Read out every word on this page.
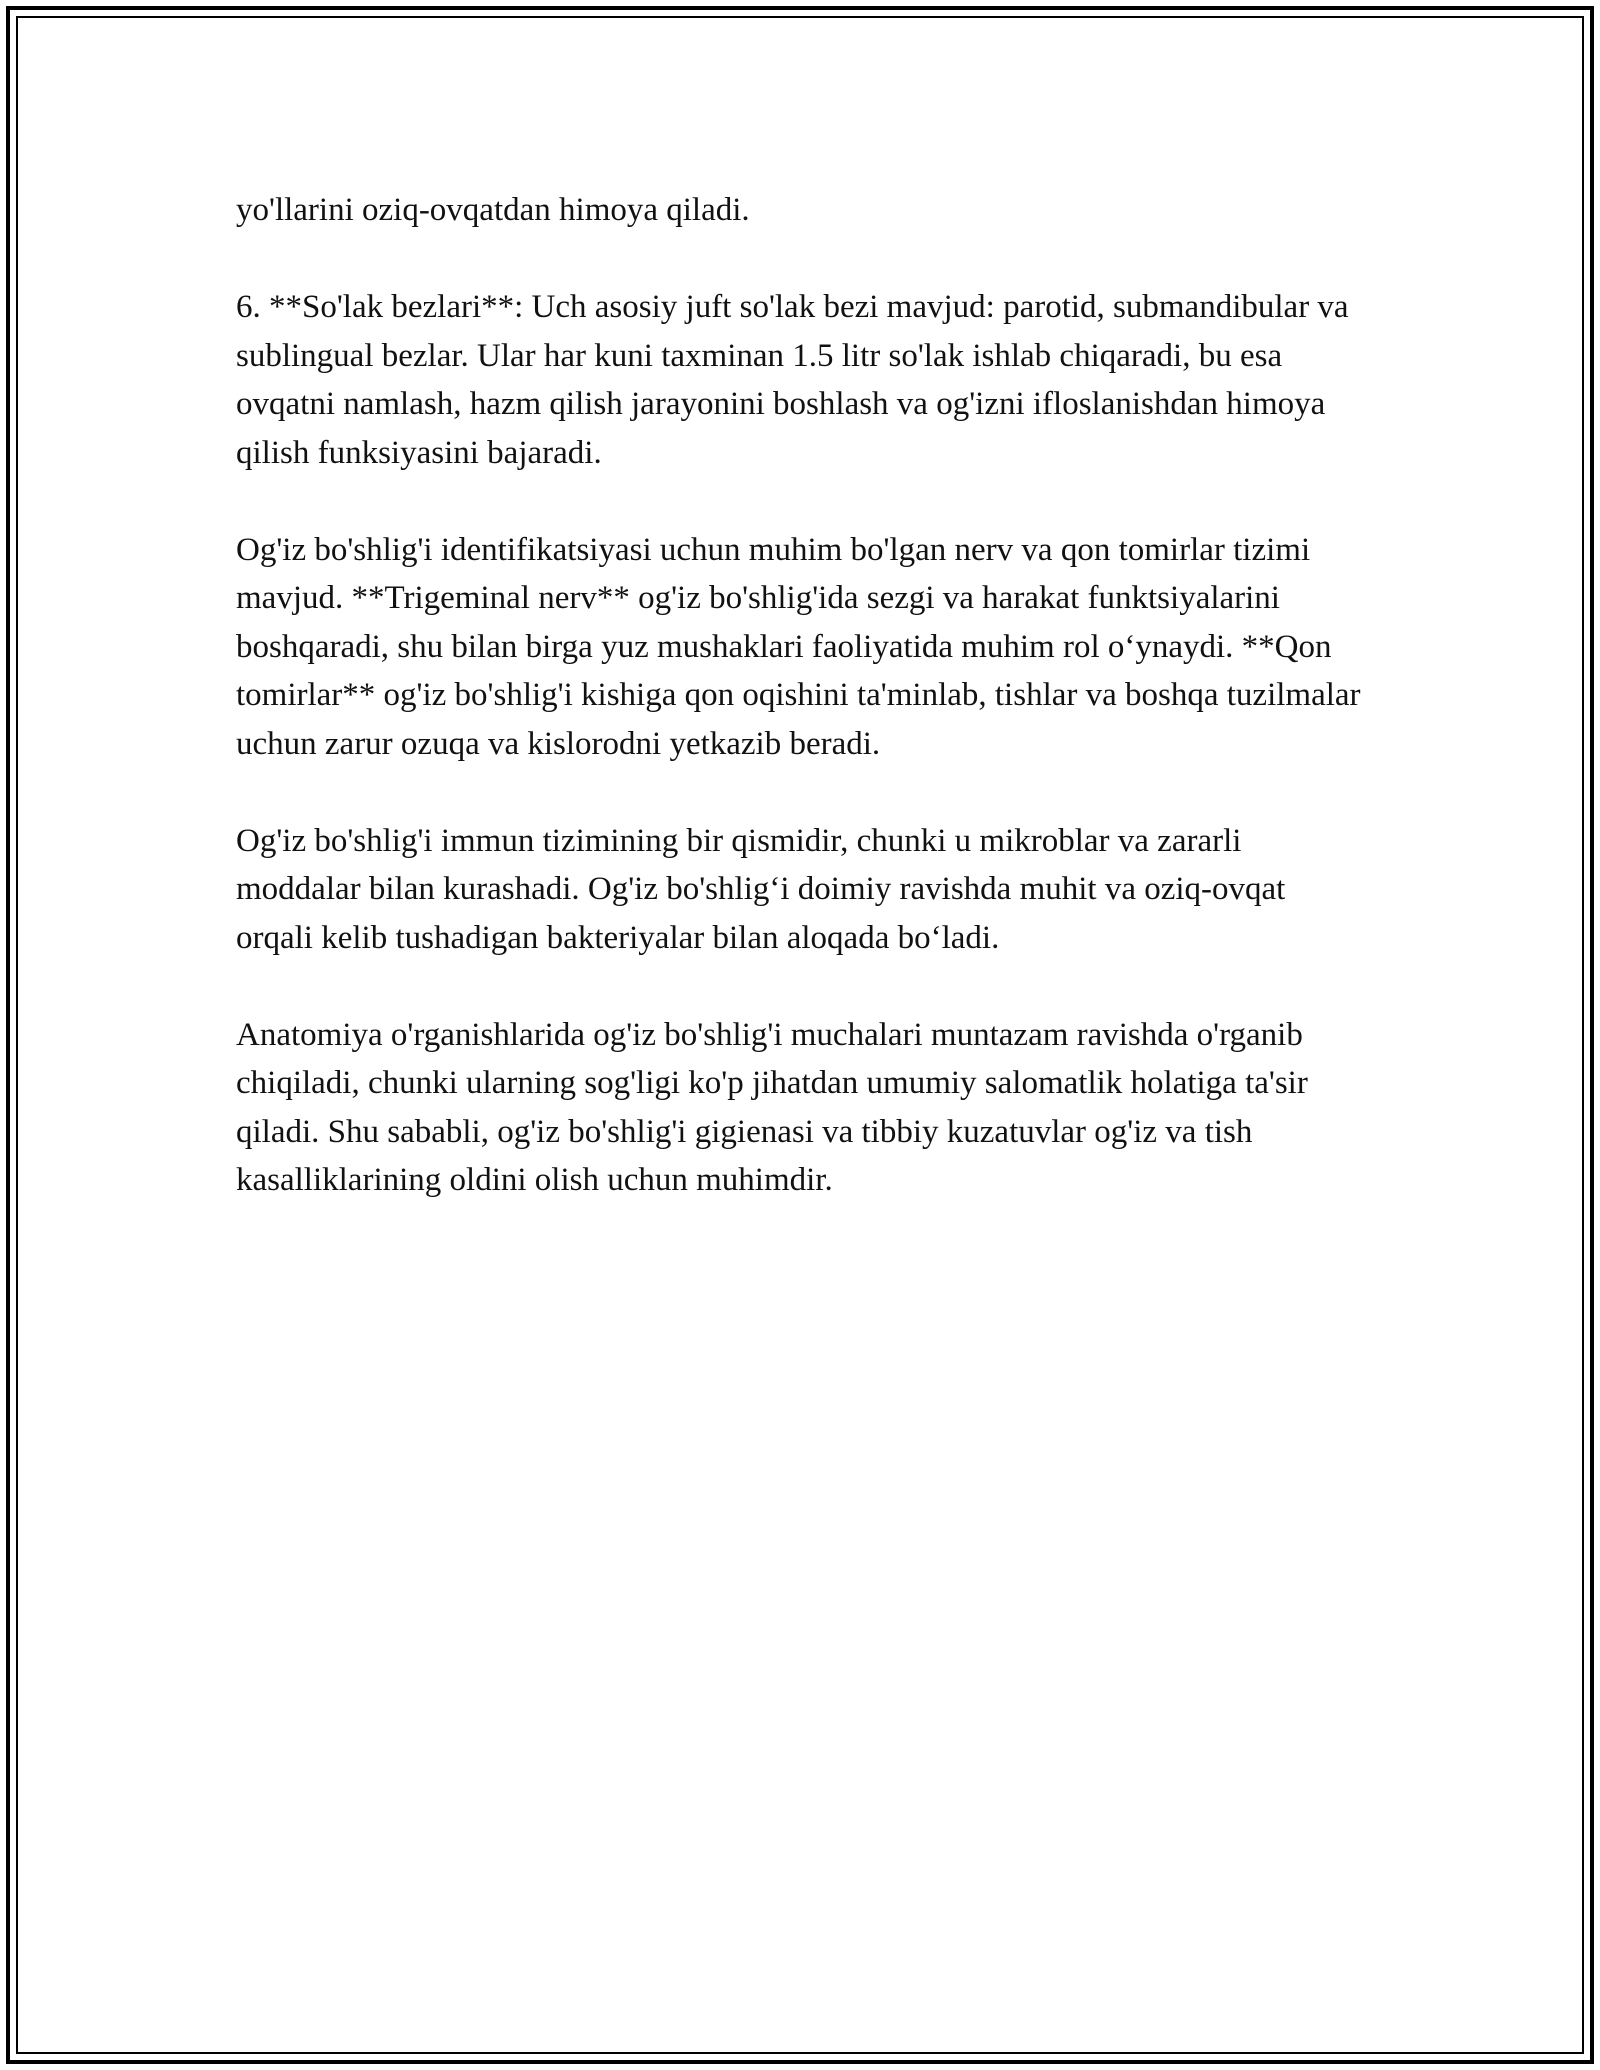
yo'llarini oziq-ovqatdan himoya qiladi.

6. **So'lak bezlari**: Uch asosiy juft so'lak bezi mavjud: parotid, submandibular va sublingual bezlar. Ular har kuni taxminan 1.5 litr so'lak ishlab chiqaradi, bu esa ovqatni namlash, hazm qilish jarayonini boshlash va og'izni ifloslanishdan himoya qilish funksiyasini bajaradi.

Og'iz bo'shlig'i identifikatsiyasi uchun muhim bo'lgan nerv va qon tomirlar tizimi mavjud. **Trigeminal nerv** og'iz bo'shlig'ida sezgi va harakat funktsiyalarini boshqaradi, shu bilan birga yuz mushaklari faoliyatida muhim rol o‘ynaydi. **Qon tomirlar** og'iz bo'shlig'i kishiga qon oqishini ta'minlab, tishlar va boshqa tuzilmalar uchun zarur ozuqa va kislorodni yetkazib beradi.

Og'iz bo'shlig'i immun tizimining bir qismidir, chunki u mikroblar va zararli moddalar bilan kurashadi. Og'iz bo'shlig‘i doimiy ravishda muhit va oziq-ovqat orqali kelib tushadigan bakteriyalar bilan aloqada bo‘ladi.

Anatomiya o'rganishlarida og'iz bo'shlig'i muchalari muntazam ravishda o'rganib chiqiladi, chunki ularning sog'ligi ko'p jihatdan umumiy salomatlik holatiga ta'sir qiladi. Shu sababli, og'iz bo'shlig'i gigienasi va tibbiy kuzatuvlar og'iz va tish kasalliklarining oldini olish uchun muhimdir.
